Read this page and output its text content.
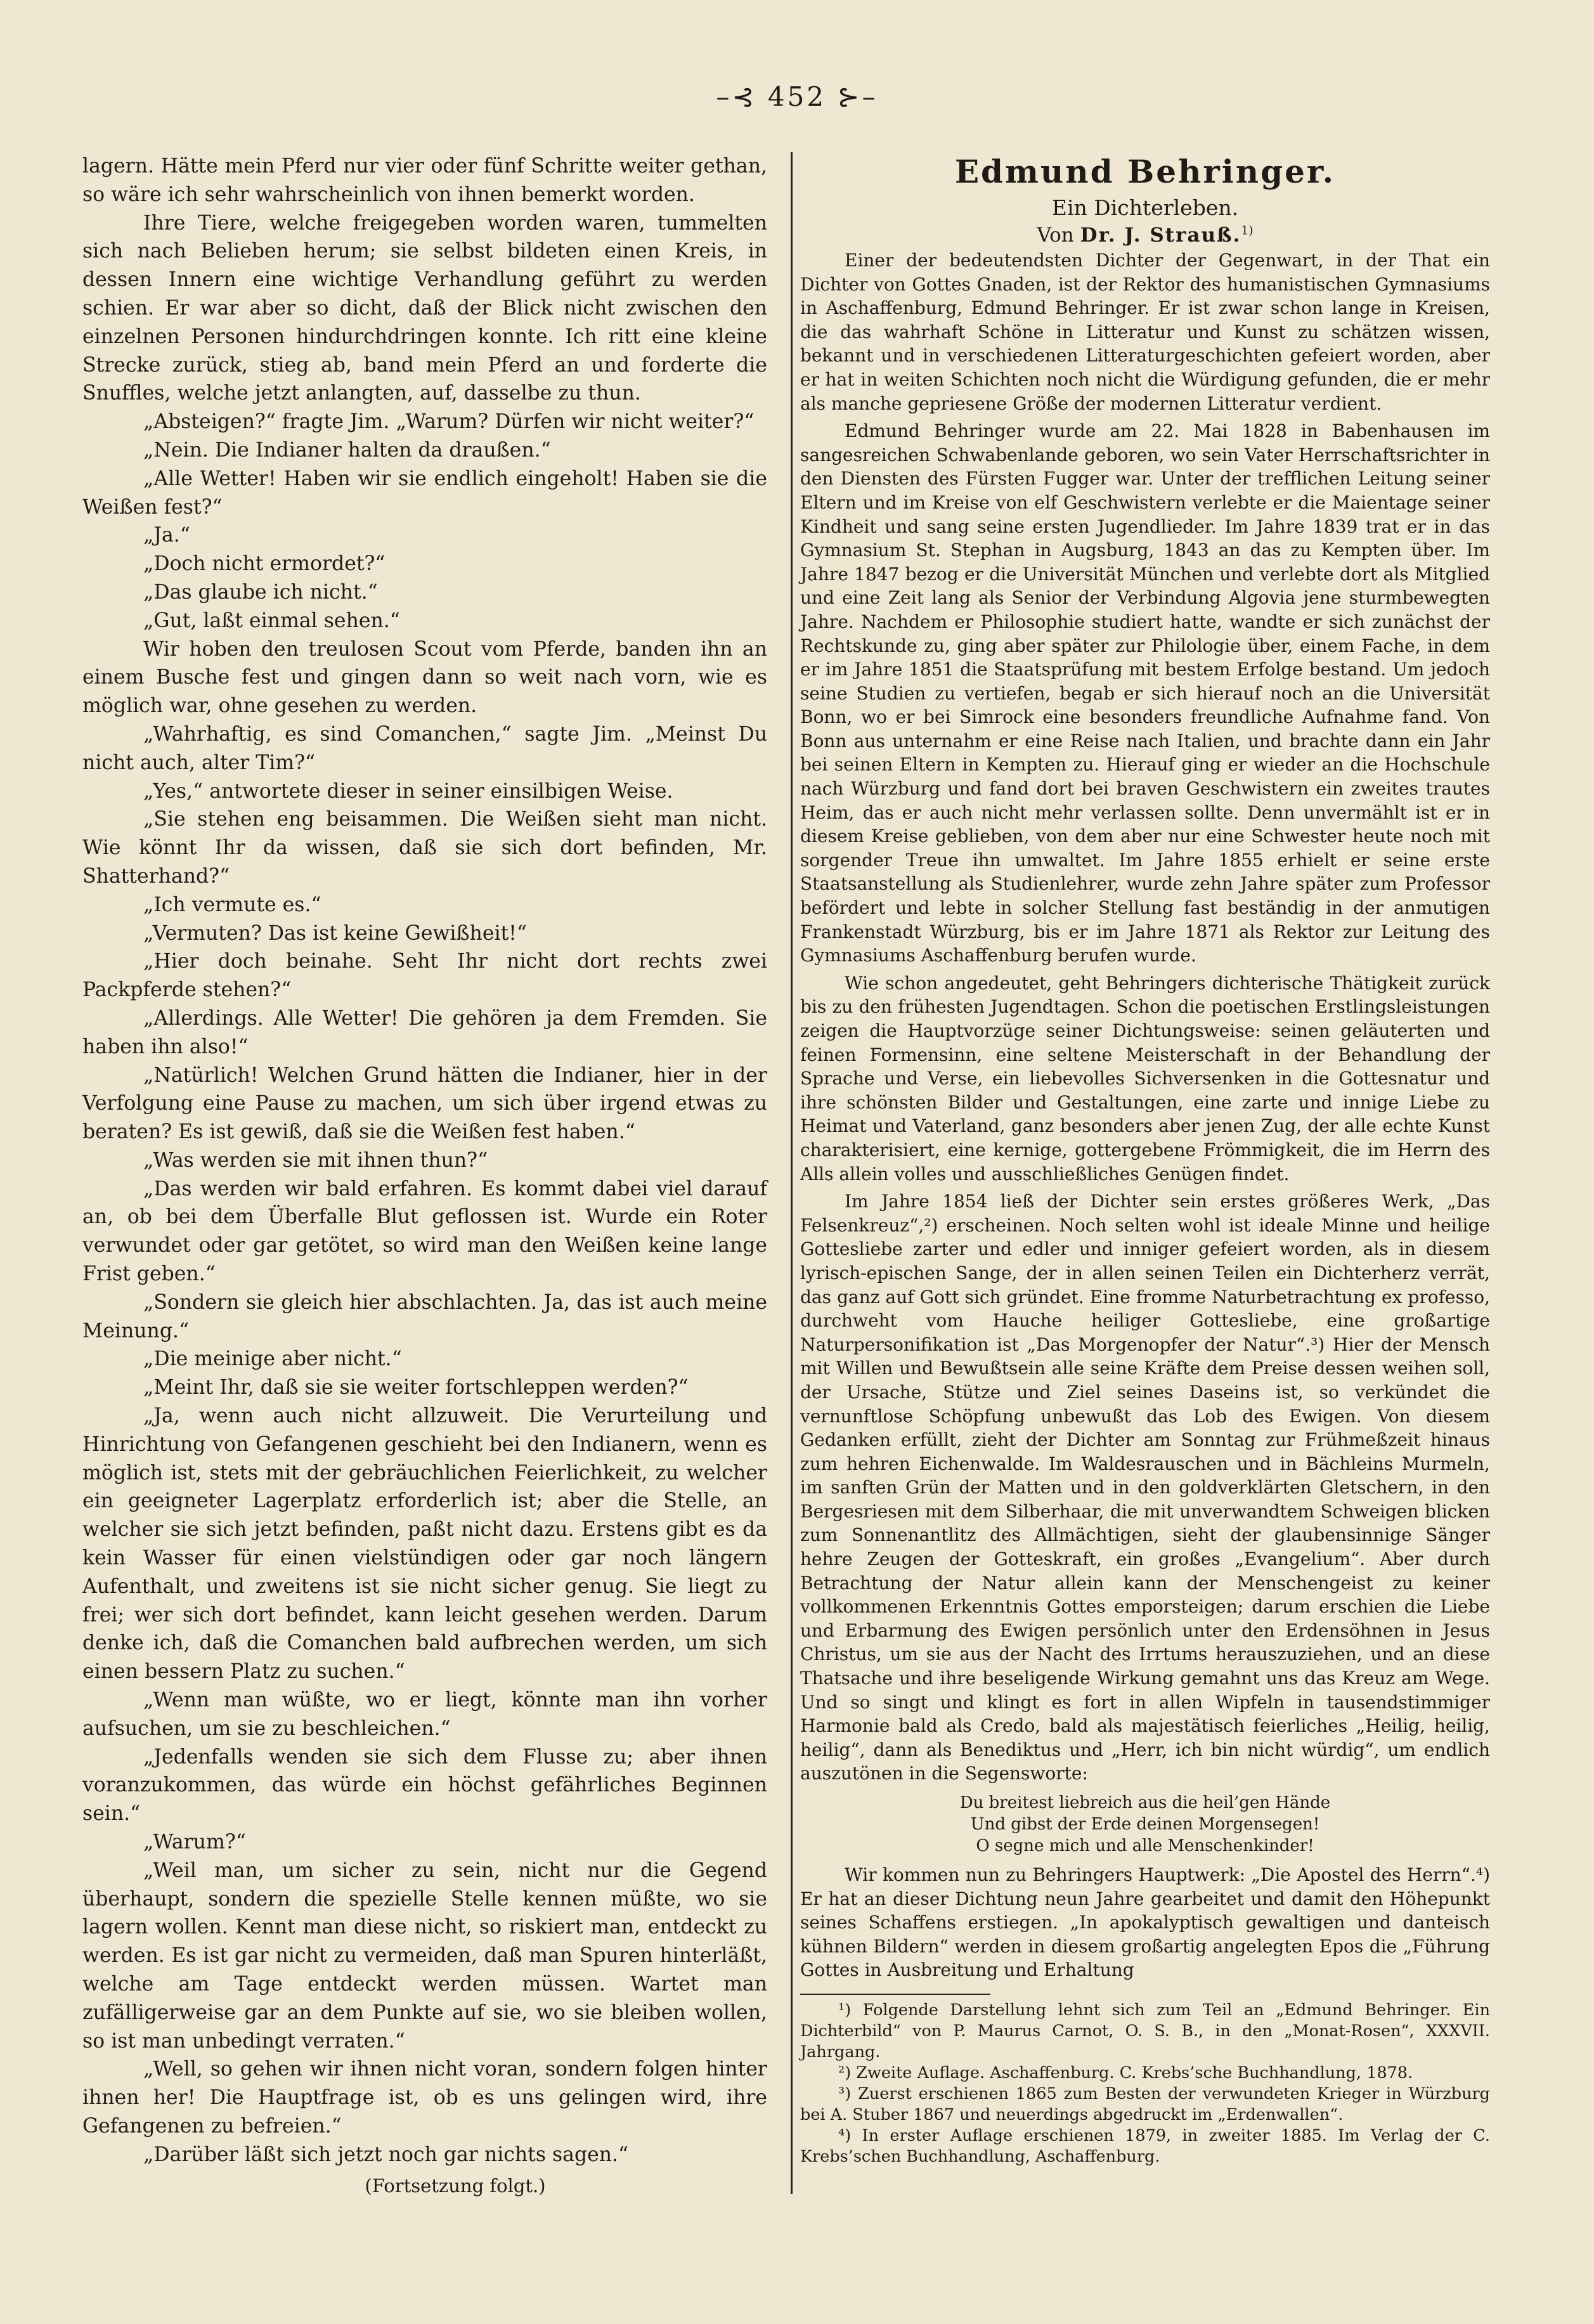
–⊰ 452 ⊱–

lagern. Hätte mein Pferd nur vier oder fünf Schritte weiter gethan, so wäre ich sehr wahrscheinlich von ihnen bemerkt worden.

Ihre Tiere, welche freigegeben worden waren, tummelten sich nach Belieben herum; sie selbst bildeten einen Kreis, in dessen Innern eine wichtige Verhandlung geführt zu werden schien. Er war aber so dicht, daß der Blick nicht zwischen den einzelnen Personen hindurchdringen konnte. Ich ritt eine kleine Strecke zurück, stieg ab, band mein Pferd an und forderte die Snuffles, welche jetzt anlangten, auf, dasselbe zu thun.

„Absteigen?“ fragte Jim. „Warum? Dürfen wir nicht weiter?“

„Nein. Die Indianer halten da draußen.“

„Alle Wetter! Haben wir sie endlich eingeholt! Haben sie die Weißen fest?“

„Ja.“

„Doch nicht ermordet?“

„Das glaube ich nicht.“

„Gut, laßt einmal sehen.“

Wir hoben den treulosen Scout vom Pferde, banden ihn an einem Busche fest und gingen dann so weit nach vorn, wie es möglich war, ohne gesehen zu werden.

„Wahrhaftig, es sind Comanchen,“ sagte Jim. „Meinst Du nicht auch, alter Tim?“

„Yes,“ antwortete dieser in seiner einsilbigen Weise.

„Sie stehen eng beisammen. Die Weißen sieht man nicht. Wie könnt Ihr da wissen, daß sie sich dort befinden, Mr. Shatterhand?“

„Ich vermute es.“

„Vermuten? Das ist keine Gewißheit!“

„Hier doch beinahe. Seht Ihr nicht dort rechts zwei Packpferde stehen?“

„Allerdings. Alle Wetter! Die gehören ja dem Fremden. Sie haben ihn also!“

„Natürlich! Welchen Grund hätten die Indianer, hier in der Verfolgung eine Pause zu machen, um sich über irgend etwas zu beraten? Es ist gewiß, daß sie die Weißen fest haben.“

„Was werden sie mit ihnen thun?“

„Das werden wir bald erfahren. Es kommt dabei viel darauf an, ob bei dem Überfalle Blut geflossen ist. Wurde ein Roter verwundet oder gar getötet, so wird man den Weißen keine lange Frist geben.“

„Sondern sie gleich hier abschlachten. Ja, das ist auch meine Meinung.“

„Die meinige aber nicht.“

„Meint Ihr, daß sie sie weiter fortschleppen werden?“

„Ja, wenn auch nicht allzuweit. Die Verurteilung und Hinrichtung von Gefangenen geschieht bei den Indianern, wenn es möglich ist, stets mit der gebräuchlichen Feierlichkeit, zu welcher ein geeigneter Lagerplatz erforderlich ist; aber die Stelle, an welcher sie sich jetzt befinden, paßt nicht dazu. Erstens gibt es da kein Wasser für einen vielstündigen oder gar noch längern Aufenthalt, und zweitens ist sie nicht sicher genug. Sie liegt zu frei; wer sich dort befindet, kann leicht gesehen werden. Darum denke ich, daß die Comanchen bald aufbrechen werden, um sich einen bessern Platz zu suchen.“

„Wenn man wüßte, wo er liegt, könnte man ihn vorher aufsuchen, um sie zu beschleichen.“

„Jedenfalls wenden sie sich dem Flusse zu; aber ihnen voranzukommen, das würde ein höchst gefährliches Beginnen sein.“

„Warum?“

„Weil man, um sicher zu sein, nicht nur die Gegend überhaupt, sondern die spezielle Stelle kennen müßte, wo sie lagern wollen. Kennt man diese nicht, so riskiert man, entdeckt zu werden. Es ist gar nicht zu vermeiden, daß man Spuren hinterläßt, welche am Tage entdeckt werden müssen. Wartet man zufälligerweise gar an dem Punkte auf sie, wo sie bleiben wollen, so ist man unbedingt verraten.“

„Well, so gehen wir ihnen nicht voran, sondern folgen hinter ihnen her! Die Hauptfrage ist, ob es uns gelingen wird, ihre Gefangenen zu befreien.“

„Darüber läßt sich jetzt noch gar nichts sagen.“

(Fortsetzung folgt.)

Edmund Behringer.

Ein Dichterleben.

Von Dr. J. Strauß.$^{1)}$

Einer der bedeutendsten Dichter der Gegenwart, in der That ein Dichter von Gottes Gnaden, ist der Rektor des humanistischen Gymnasiums in Aschaffenburg, Edmund Behringer. Er ist zwar schon lange in Kreisen, die das wahrhaft Schöne in Litteratur und Kunst zu schätzen wissen, bekannt und in verschiedenen Litteraturgeschichten gefeiert worden, aber er hat in weiten Schichten noch nicht die Würdigung gefunden, die er mehr als manche gepriesene Größe der modernen Litteratur verdient.

Edmund Behringer wurde am 22. Mai 1828 in Babenhausen im sangesreichen Schwabenlande geboren, wo sein Vater Herrschaftsrichter in den Diensten des Fürsten Fugger war. Unter der trefflichen Leitung seiner Eltern und im Kreise von elf Geschwistern verlebte er die Maientage seiner Kindheit und sang seine ersten Jugendlieder. Im Jahre 1839 trat er in das Gymnasium St. Stephan in Augsburg, 1843 an das zu Kempten über. Im Jahre 1847 bezog er die Universität München und verlebte dort als Mitglied und eine Zeit lang als Senior der Verbindung Algovia jene sturmbewegten Jahre. Nachdem er Philosophie studiert hatte, wandte er sich zunächst der Rechtskunde zu, ging aber später zur Philologie über, einem Fache, in dem er im Jahre 1851 die Staatsprüfung mit bestem Erfolge bestand. Um jedoch seine Studien zu vertiefen, begab er sich hierauf noch an die Universität Bonn, wo er bei Simrock eine besonders freundliche Aufnahme fand. Von Bonn aus unternahm er eine Reise nach Italien, und brachte dann ein Jahr bei seinen Eltern in Kempten zu. Hierauf ging er wieder an die Hochschule nach Würzburg und fand dort bei braven Geschwistern ein zweites trautes Heim, das er auch nicht mehr verlassen sollte. Denn unvermählt ist er in diesem Kreise geblieben, von dem aber nur eine Schwester heute noch mit sorgender Treue ihn umwaltet. Im Jahre 1855 erhielt er seine erste Staatsanstellung als Studienlehrer, wurde zehn Jahre später zum Professor befördert und lebte in solcher Stellung fast beständig in der anmutigen Frankenstadt Würzburg, bis er im Jahre 1871 als Rektor zur Leitung des Gymnasiums Aschaffenburg berufen wurde.

Wie schon angedeutet, geht Behringers dichterische Thätigkeit zurück bis zu den frühesten Jugendtagen. Schon die poetischen Erstlingsleistungen zeigen die Hauptvorzüge seiner Dichtungsweise: seinen geläuterten und feinen Formensinn, eine seltene Meisterschaft in der Behandlung der Sprache und Verse, ein liebevolles Sichversenken in die Gottesnatur und ihre schönsten Bilder und Gestaltungen, eine zarte und innige Liebe zu Heimat und Vaterland, ganz besonders aber jenen Zug, der alle echte Kunst charakterisiert, eine kernige, gottergebene Frömmigkeit, die im Herrn des Alls allein volles und ausschließliches Genügen findet.

Im Jahre 1854 ließ der Dichter sein erstes größeres Werk, „Das Felsenkreuz“,²) erscheinen. Noch selten wohl ist ideale Minne und heilige Gottesliebe zarter und edler und inniger gefeiert worden, als in diesem lyrisch-epischen Sange, der in allen seinen Teilen ein Dichterherz verrät, das ganz auf Gott sich gründet. Eine fromme Naturbetrachtung ex professo, durchweht vom Hauche heiliger Gottesliebe, eine großartige Naturpersonifikation ist „Das Morgenopfer der Natur“.³) Hier der Mensch mit Willen und Bewußtsein alle seine Kräfte dem Preise dessen weihen soll, der Ursache, Stütze und Ziel seines Daseins ist, so verkündet die vernunftlose Schöpfung unbewußt das Lob des Ewigen. Von diesem Gedanken erfüllt, zieht der Dichter am Sonntag zur Frühmeßzeit hinaus zum hehren Eichenwalde. Im Waldesrauschen und in Bächleins Murmeln, im sanften Grün der Matten und in den goldverklärten Gletschern, in den Bergesriesen mit dem Silberhaar, die mit unverwandtem Schweigen blicken zum Sonnenantlitz des Allmächtigen, sieht der glaubensinnige Sänger hehre Zeugen der Gotteskraft, ein großes „Evangelium“. Aber durch Betrachtung der Natur allein kann der Menschengeist zu keiner vollkommenen Erkenntnis Gottes emporsteigen; darum erschien die Liebe und Erbarmung des Ewigen persönlich unter den Erdensöhnen in Jesus Christus, um sie aus der Nacht des Irrtums herauszuziehen, und an diese Thatsache und ihre beseligende Wirkung gemahnt uns das Kreuz am Wege. Und so singt und klingt es fort in allen Wipfeln in tausendstimmiger Harmonie bald als Credo, bald als majestätisch feierliches „Heilig, heilig, heilig“, dann als Benediktus und „Herr, ich bin nicht würdig“, um endlich auszutönen in die Segensworte:

Du breitest liebreich aus die heil’gen Hände
Und gibst der Erde deinen Morgensegen!
O segne mich und alle Menschenkinder!

Wir kommen nun zu Behringers Hauptwerk: „Die Apostel des Herrn“.⁴) Er hat an dieser Dichtung neun Jahre gearbeitet und damit den Höhepunkt seines Schaffens erstiegen. „In apokalyptisch gewaltigen und danteisch kühnen Bildern“ werden in diesem großartig angelegten Epos die „Führung Gottes in Ausbreitung und Erhaltung

¹) Folgende Darstellung lehnt sich zum Teil an „Edmund Behringer. Ein Dichterbild“ von P. Maurus Carnot, O. S. B., in den „Monat-Rosen“, XXXVII. Jahrgang.

²) Zweite Auflage. Aschaffenburg. C. Krebs’sche Buchhandlung, 1878.

³) Zuerst erschienen 1865 zum Besten der verwundeten Krieger in Würzburg bei A. Stuber 1867 und neuerdings abgedruckt im „Erdenwallen“.

⁴) In erster Auflage erschienen 1879, in zweiter 1885. Im Verlag der C. Krebs’schen Buchhandlung, Aschaffenburg.
